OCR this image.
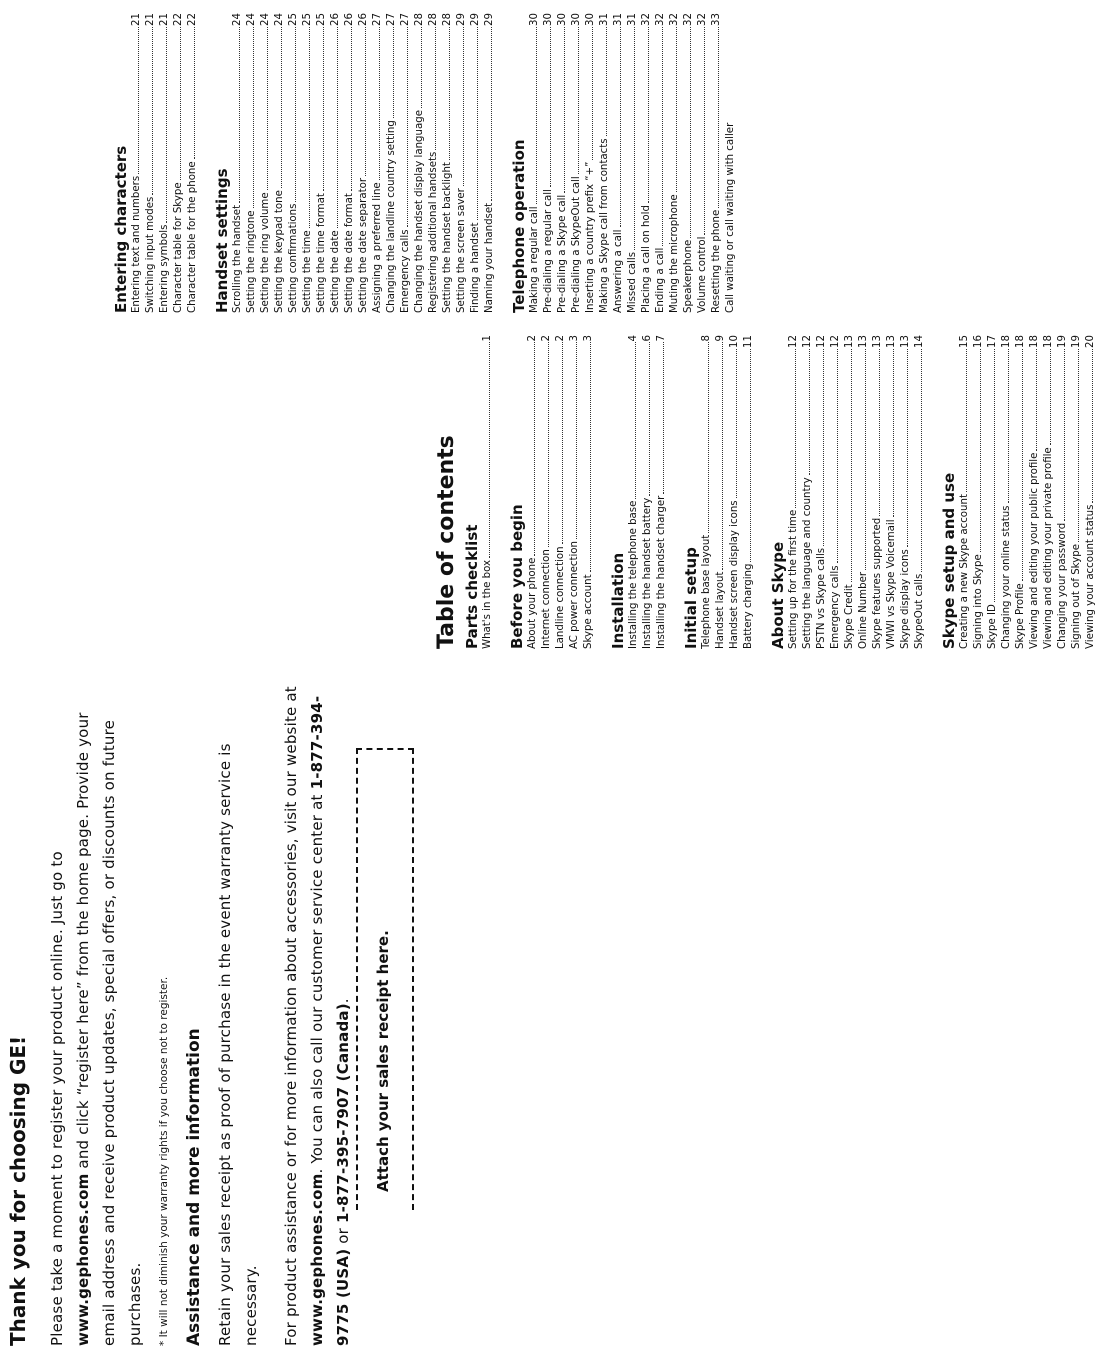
Thank you for choosing GE! Please take a moment to register your product online. Just go to www.gephones.com and click “register here” from the home page. Provide your email address and receive product updates, special offers, or discounts on future purchases.	* It will not diminish your warranty rights if you choose not to register. Assistance and more information Retain your sales receipt as proof of purchase in the event warranty service is necessary. For product assistance or for more information about accessories, visit our website at www.gephones.com. You can also call our customer service center at 1-877-394-9775 (USA) or 1-877-395-7907 (Canada). Attach your sales receipt here.
Table of contents Parts checklist What's in the box
1
Before you begin About your phone
2
Internet connection
2
Landline connection
2
AC power connection
3
Skype account
3
Installation Installing the telephone base
4
Installing the handset battery
6
Installing the handset charger
7
Initial setup Telephone base layout
8
Handset layout
9
Handset screen display icons
10
Battery charging
11
About Skype Setting up for the first time
12
Setting the language and country
12
PSTN vs Skype calls
12
Emergency calls
12
Skype Credit
13
Online Number
13
Skype features supported
13
VMWI vs Skype Voicemail
13
Skype display icons
13
SkypeOut calls
14
Skype setup and use Creating a new Skype account
15
Signing into Skype
16
Skype ID
17
Changing your online status
18
Skype Profile
18
Viewing and editing your public profile
18
Viewing and editing your private profile
18
Changing your password
19
Signing out of Skype
19
Viewing your account status
20
Entering characters Entering text and numbers
21
Switching input modes
21
Entering symbols
21
Character table for Skype
22
Character table for the phone
22
Handset settings Scrolling the handset
24
Setting the ringtone
24
Setting the ring volume
24
Setting the keypad tone
24
Setting confirmations
25
Setting the time
25
Setting the time format
25
Setting the date
26
Setting the date format
26
Setting the date separator
26
Assigning a preferred line
27
Changing the landline country setting
27
Emergency calls
27
Changing the handset display language
28
Registering additional handsets
28
Setting the handset backlight
28
Setting the screen saver
29
Finding a handset
29
Naming your handset
29
Telephone operation Making a regular call
30
Pre-dialing a regular call
30
Pre-dialing a Skype call
30
Pre-dialing a SkypeOut call
30
Inserting a country prefix “+”
30
Making a Skype call from contacts
31
Answering a call
31
Missed calls
31
Placing a call on hold
32
Ending a call
32
Muting the microphone
32
Speakerphone
32
Volume control
32
Resetting the phone
33
Call waiting or call waiting with caller
